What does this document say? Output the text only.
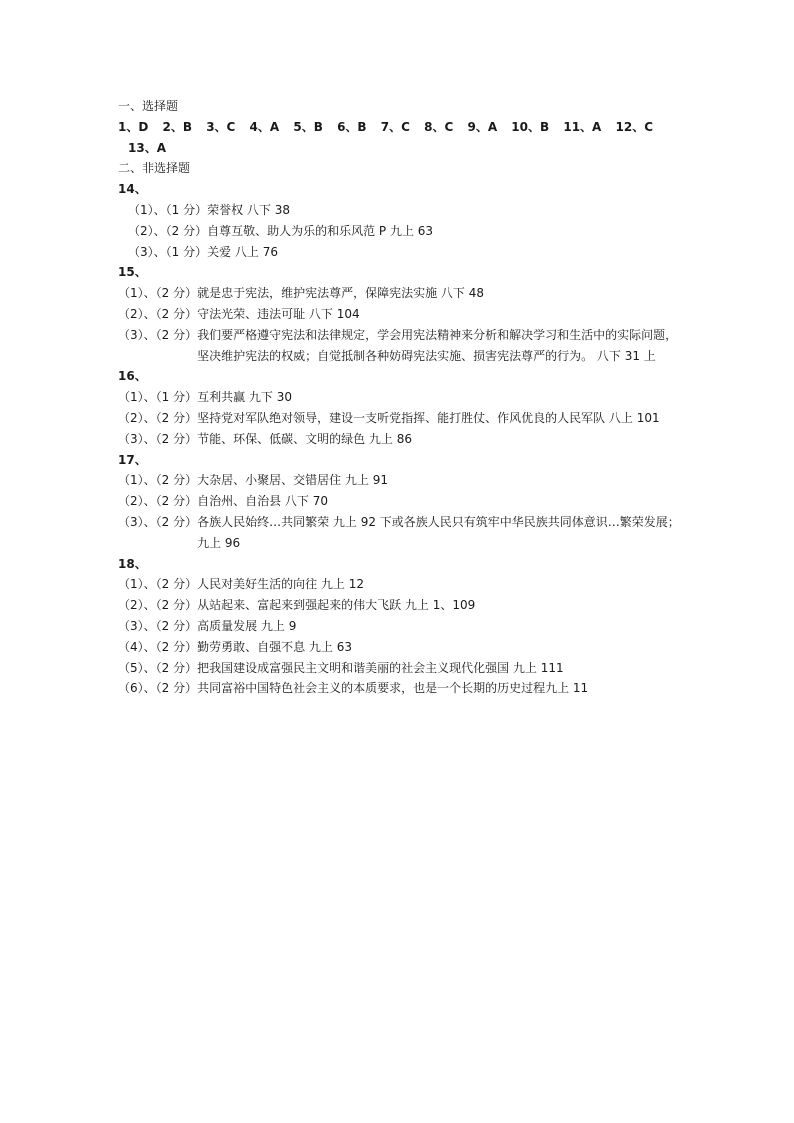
一、选择题
1、D 2、B 3、C 4、A 5、B 6、B 7、C 8、C 9、A 10、B 11、A 12、C
13、A
二、非选择题
14、
（1）、（1 分） 荣誉权 八下 38
（2）、（2 分） 自尊互敬、助人为乐的和乐风范 P 九上 63
（3）、（1 分） 关爱 八上 76
15、
（1）、（2 分） 就是忠于宪法，维护宪法尊严，保障宪法实施 八下 48
（2）、（2 分） 守法光荣、违法可耻 八下 104
（3）、（2 分） 我们要严格遵守宪法和法律规定，学会用宪法精神来分析和解决学习和生活中的实际问题，坚决维护宪法的权威；自觉抵制各种妨碍宪法实施、损害宪法尊严的行为。 八下 31 上
16、
（1）、（1 分） 互利共赢 九下 30
（2）、（2 分） 坚持党对军队绝对领导，建设一支听党指挥、能打胜仗、作风优良的人民军队 八上 101
（3）、（2 分） 节能、环保、低碳、文明的绿色 九上 86
17、
（1）、（2 分） 大杂居、小聚居、交错居住 九上 91
（2）、（2 分） 自治州、自治县 八下 70
（3）、（2 分） 各族人民始终…共同繁荣 九上 92 下或各族人民只有筑牢中华民族共同体意识…繁荣发展； 九上 96
18、
（1）、（2 分） 人民对美好生活的向往 九上 12
（2）、（2 分） 从站起来、富起来到强起来的伟大飞跃 九上 1、109
（3）、（2 分） 高质量发展 九上 9
（4）、（2 分） 勤劳勇敢、自强不息 九上 63
（5）、（2 分） 把我国建设成富强民主文明和谐美丽的社会主义现代化强国 九上 111
（6）、（2 分） 共同富裕中国特色社会主义的本质要求，也是一个长期的历史过程九上 11
